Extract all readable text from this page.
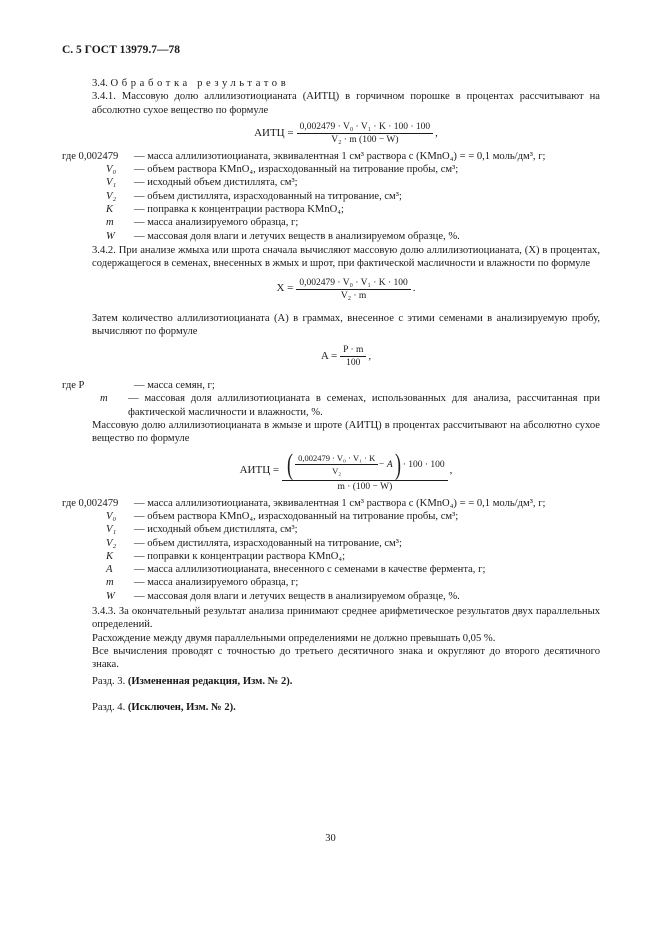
С. 5 ГОСТ 13979.7—78

3.4. Обработка результатов

3.4.1. Массовую долю аллилизотиоцианата (АИТЦ) в горчичном порошке в процентах рассчитывают на абсолютно сухое вещество по формуле

АИТЦ = $\frac{\text{0,002479 · V₀ · V₁ · K · 100 · 100}}{\text{V₂ · m (100 − W)}}$ ,
где 0,002479	— масса аллилизотиоцианата, эквивалентная 1 см³ раствора c (KMnO₄) = = 0,1 моль/дм³, г;
V₀	— объем раствора KMnO₄, израсходованный на титрование пробы, см³;
V₁	— исходный объем дистиллята, см³;
V₂	— объем дистиллята, израсходованный на титрование, см³;
K	— поправка к концентрации раствора KMnO₄;
m	— масса анализируемого образца, г;
W	— массовая доля влаги и летучих веществ в анализируемом образце, %.

3.4.2. При анализе жмыха или шрота сначала вычисляют массовую долю аллилизотиоцианата, (X) в процентах, содержащегося в семенах, внесенных в жмых и шрот, при фактической масличности и влажности по формуле

$X = \frac{\text{0,002479 · V₀ · V₁ · K · 100}}{\text{V₂ · m}}$ .

Затем количество аллилизотиоцианата (A) в граммах, внесенное с этими семенами в анализируемую пробу, вычисляют по формуле

$A = \frac{P \cdot m}{100}$ ,
где P	— масса семян, г;
m	— массовая доля аллилизотиоцианата в семенах, использованных для анализа, рассчитанная при фактической масличности и влажности, %.

Массовую долю аллилизотиоцианата в жмызе и шроте (АИТЦ) в процентах рассчитывают на абсолютно сухое вещество по формуле

АИТЦ = ( $\frac{\text{0,002479 · V₀ · V₁ · K}}{\text{V₂}} - A$ ) · 100 · 100
m · (100 − W)
,
где 0,002479	— масса аллилизотиоцианата, эквивалентная 1 см³ раствора c (KMnO₄) = = 0,1 моль/дм³, г;
V₀	— объем раствора KMnO₄, израсходованный на титрование пробы, см³;
V₁	— исходный объем дистиллята, см³;
V₂	— объем дистиллята, израсходованный на титрование, см³;
K	— поправки к концентрации раствора KMnO₄;
A	— масса аллилизотиоцианата, внесенного с семенами в качестве фермента, г;
m	— масса анализируемого образца, г;
W	— массовая доля влаги и летучих веществ в анализируемом образце, %.

3.4.3. За окончательный результат анализа принимают среднее арифметическое результатов двух параллельных определений.

Расхождение между двумя параллельными определениями не должно превышать 0,05 %.

Все вычисления проводят с точностью до третьего десятичного знака и округляют до второго десятичного знака.

Разд. 3. (Измененная редакция, Изм. № 2).

Разд. 4. (Исключен, Изм. № 2).

30
